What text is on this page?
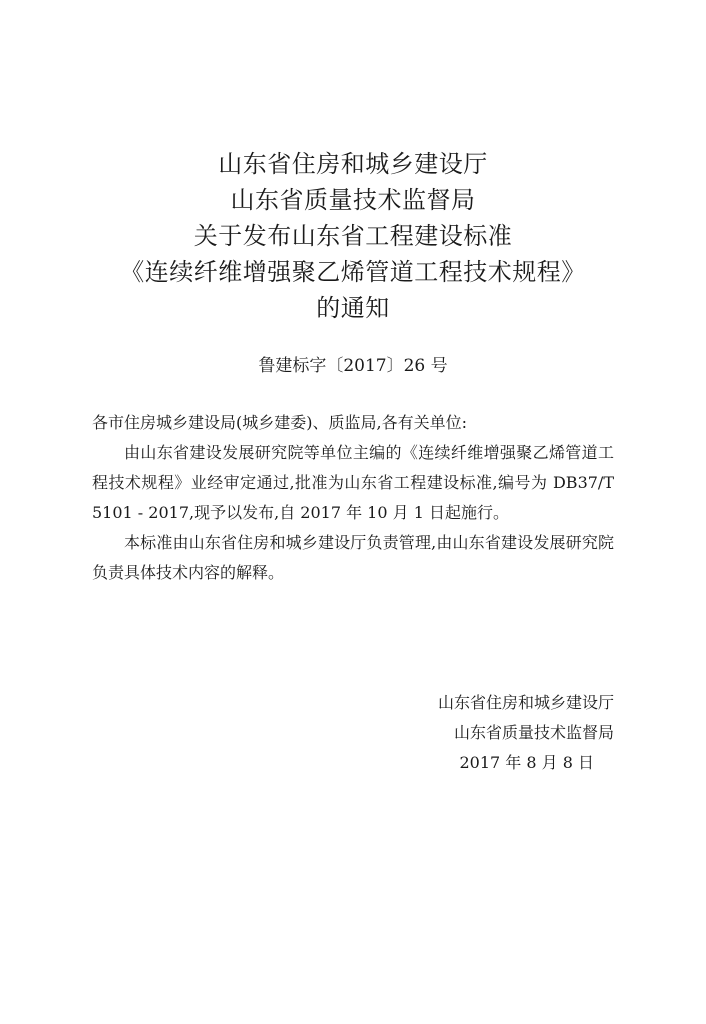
山东省住房和城乡建设厅
山东省质量技术监督局
关于发布山东省工程建设标准
《连续纤维增强聚乙烯管道工程技术规程》
的通知
鲁建标字〔2017〕26 号

各市住房城乡建设局(城乡建委)、质监局,各有关单位:

由山东省建设发展研究院等单位主编的《连续纤维增强聚乙烯管道工程技术规程》业经审定通过,批准为山东省工程建设标准,编号为 DB37/T 5101 - 2017,现予以发布,自 2017 年 10 月 1 日起施行。

本标准由山东省住房和城乡建设厅负责管理,由山东省建设发展研究院负责具体技术内容的解释。

山东省住房和城乡建设厅
山东省质量技术监督局
2017 年 8 月 8 日
